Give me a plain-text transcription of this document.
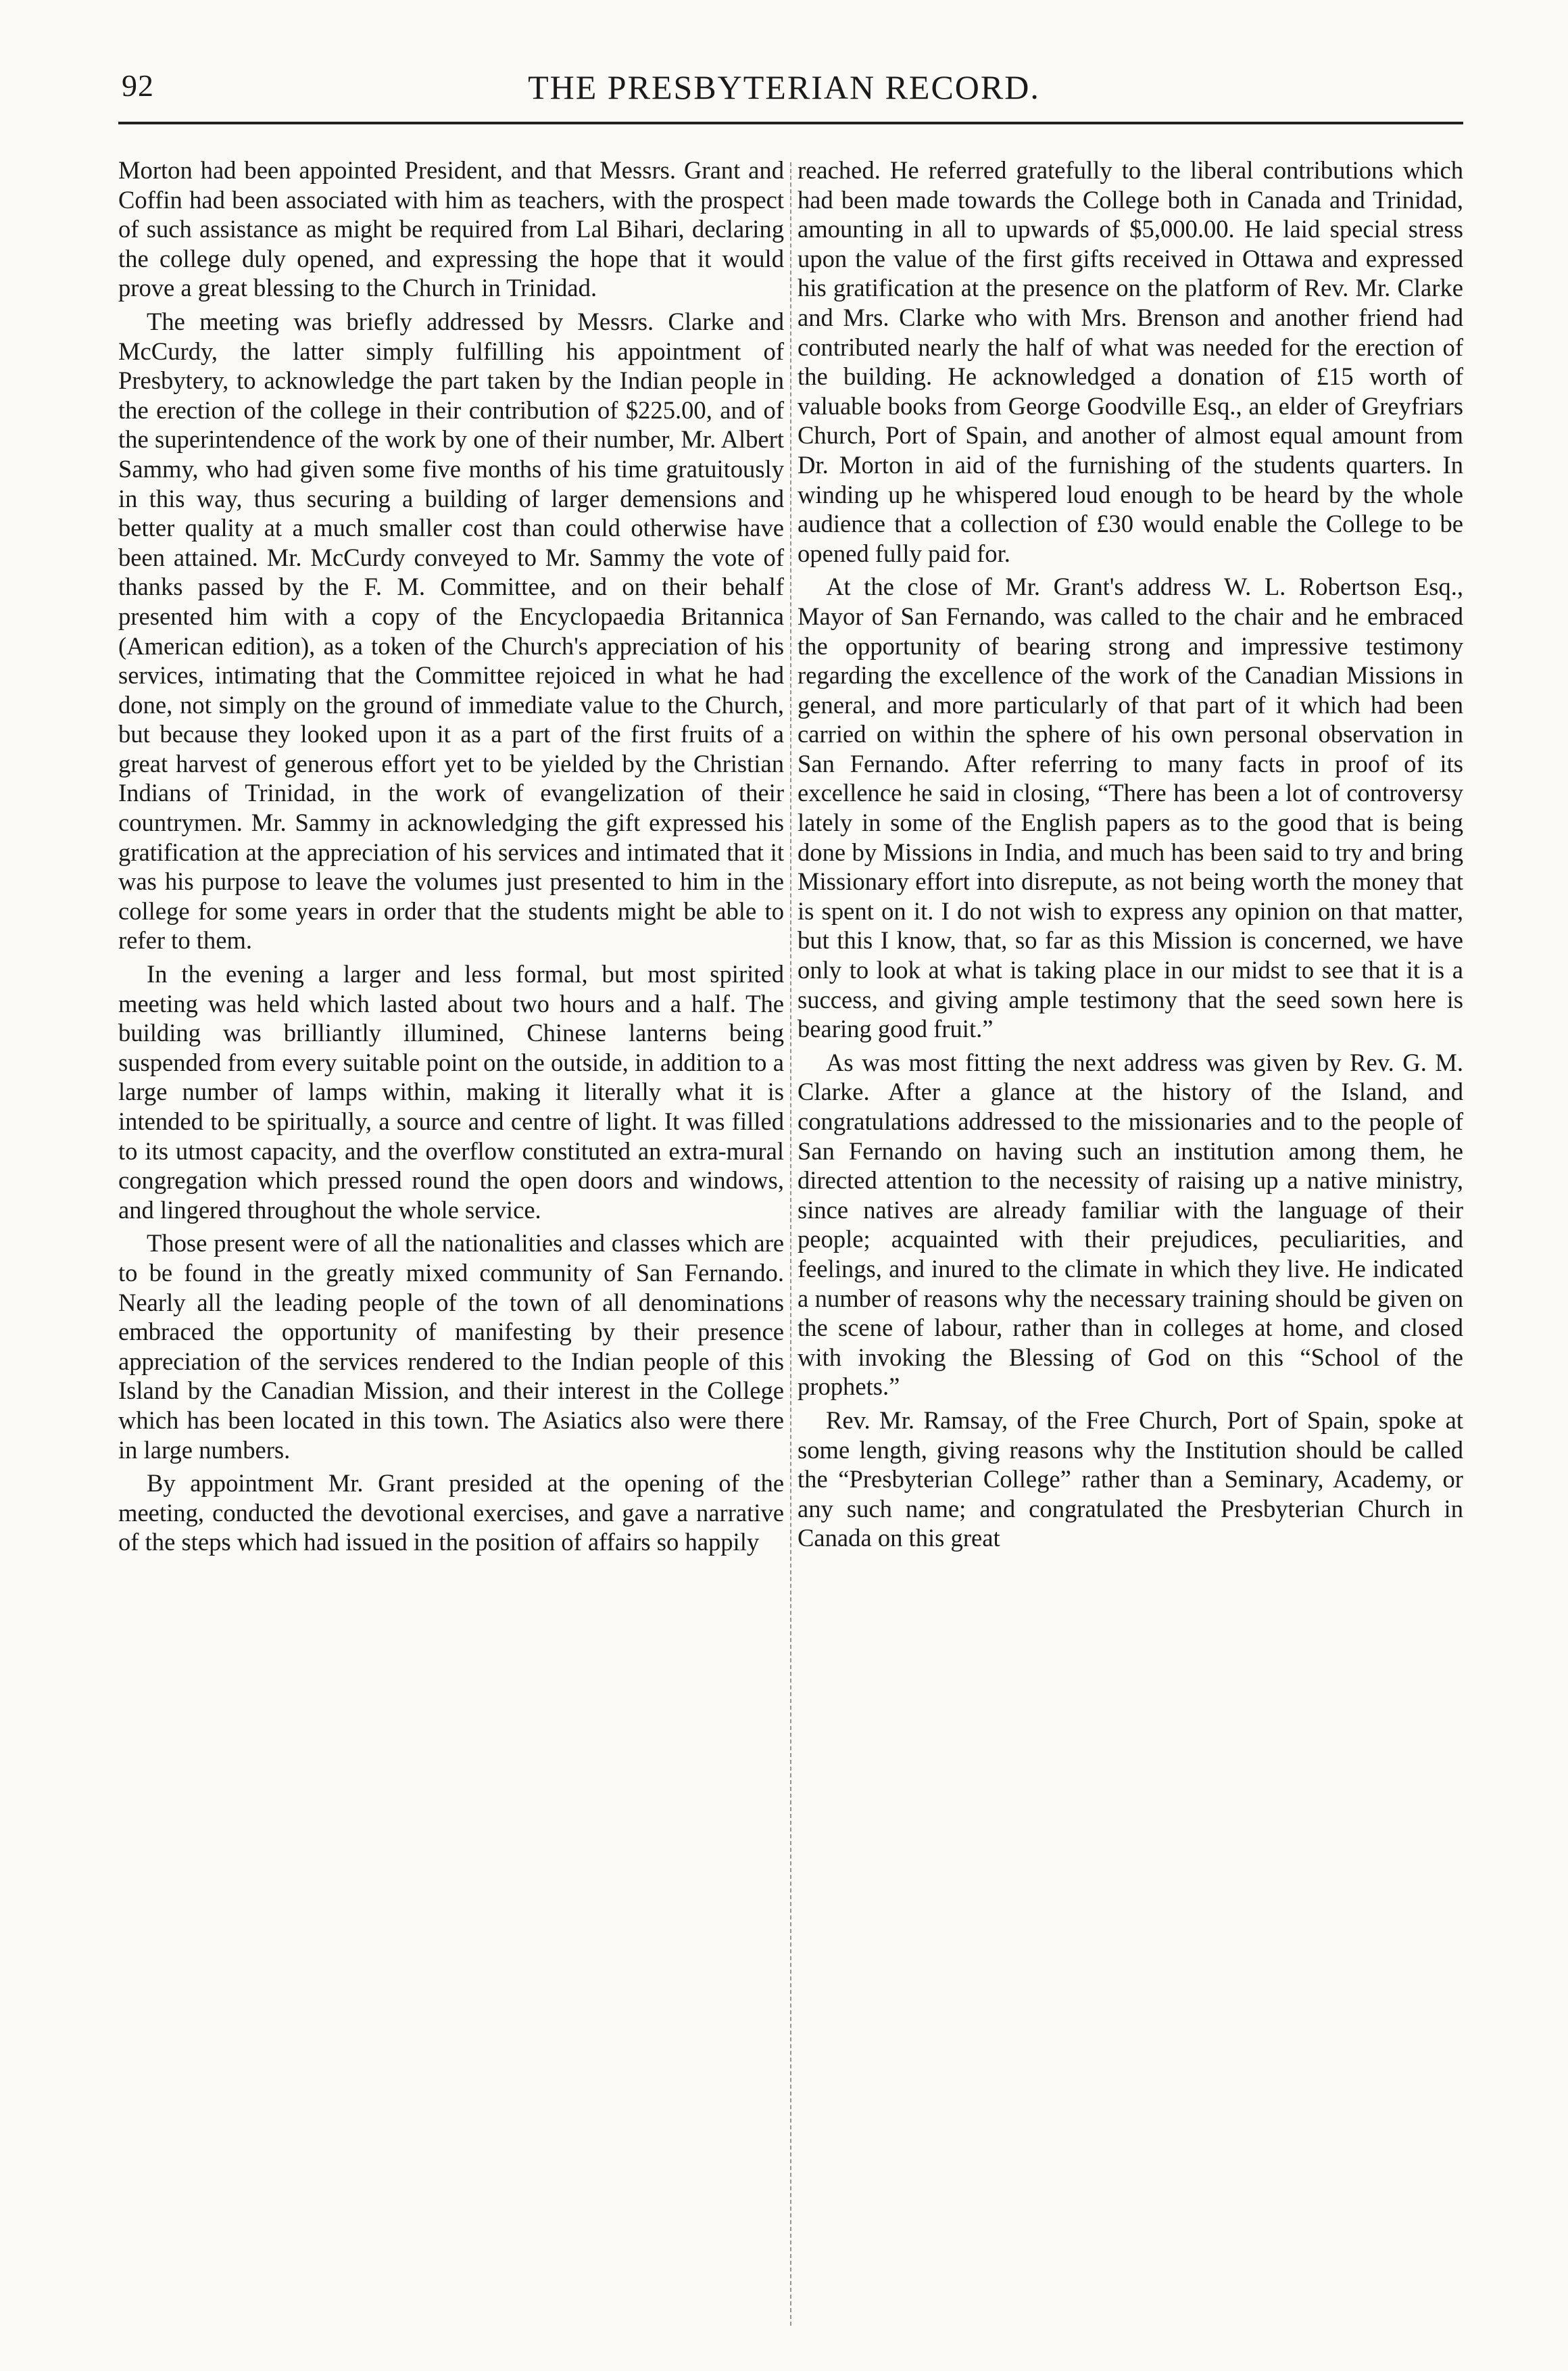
92	THE PRESBYTERIAN RECORD.

Morton had been appointed President, and that Messrs. Grant and Coffin had been associated with him as teachers, with the prospect of such assistance as might be required from Lal Bihari, declaring the college duly opened, and expressing the hope that it would prove a great blessing to the Church in Trinidad.

The meeting was briefly addressed by Messrs. Clarke and McCurdy, the latter simply fulfilling his appointment of Presbytery, to acknowledge the part taken by the Indian people in the erection of the college in their contribution of $225.00, and of the superintendence of the work by one of their number, Mr. Albert Sammy, who had given some five months of his time gratuitously in this way, thus securing a building of larger demensions and better quality at a much smaller cost than could otherwise have been attained. Mr. McCurdy conveyed to Mr. Sammy the vote of thanks passed by the F. M. Committee, and on their behalf presented him with a copy of the Encyclopaedia Britannica (American edition), as a token of the Church's appreciation of his services, intimating that the Committee rejoiced in what he had done, not simply on the ground of immediate value to the Church, but because they looked upon it as a part of the first fruits of a great harvest of generous effort yet to be yielded by the Christian Indians of Trinidad, in the work of evangelization of their countrymen. Mr. Sammy in acknowledging the gift expressed his gratification at the appreciation of his services and intimated that it was his purpose to leave the volumes just presented to him in the college for some years in order that the students might be able to refer to them.

In the evening a larger and less formal, but most spirited meeting was held which lasted about two hours and a half. The building was brilliantly illumined, Chinese lanterns being suspended from every suitable point on the outside, in addition to a large number of lamps within, making it literally what it is intended to be spiritually, a source and centre of light. It was filled to its utmost capacity, and the overflow constituted an extra-mural congregation which pressed round the open doors and windows, and lingered throughout the whole service.

Those present were of all the nationalities and classes which are to be found in the greatly mixed community of San Fernando. Nearly all the leading people of the town of all denominations embraced the opportunity of manifesting by their presence appreciation of the services rendered to the Indian people of this Island by the Canadian Mission, and their interest in the College which has been located in this town. The Asiatics also were there in large numbers.

By appointment Mr. Grant presided at the opening of the meeting, conducted the devotional exercises, and gave a narrative of the steps which had issued in the position of affairs so happily

reached. He referred gratefully to the liberal contributions which had been made towards the College both in Canada and Trinidad, amounting in all to upwards of $5,000.00. He laid special stress upon the value of the first gifts received in Ottawa and expressed his gratification at the presence on the platform of Rev. Mr. Clarke and Mrs. Clarke who with Mrs. Brenson and another friend had contributed nearly the half of what was needed for the erection of the building. He acknowledged a donation of £15 worth of valuable books from George Goodville Esq., an elder of Greyfriars Church, Port of Spain, and another of almost equal amount from Dr. Morton in aid of the furnishing of the students quarters. In winding up he whispered loud enough to be heard by the whole audience that a collection of £30 would enable the College to be opened fully paid for.

At the close of Mr. Grant's address W. L. Robertson Esq., Mayor of San Fernando, was called to the chair and he embraced the opportunity of bearing strong and impressive testimony regarding the excellence of the work of the Canadian Missions in general, and more particularly of that part of it which had been carried on within the sphere of his own personal observation in San Fernando. After referring to many facts in proof of its excellence he said in closing, “There has been a lot of controversy lately in some of the English papers as to the good that is being done by Missions in India, and much has been said to try and bring Missionary effort into disrepute, as not being worth the money that is spent on it. I do not wish to express any opinion on that matter, but this I know, that, so far as this Mission is concerned, we have only to look at what is taking place in our midst to see that it is a success, and giving ample testimony that the seed sown here is bearing good fruit.”

As was most fitting the next address was given by Rev. G. M. Clarke. After a glance at the history of the Island, and congratulations addressed to the missionaries and to the people of San Fernando on having such an institution among them, he directed attention to the necessity of raising up a native ministry, since natives are already familiar with the language of their people; acquainted with their prejudices, peculiarities, and feelings, and inured to the climate in which they live. He indicated a number of reasons why the necessary training should be given on the scene of labour, rather than in colleges at home, and closed with invoking the Blessing of God on this “School of the prophets.”

Rev. Mr. Ramsay, of the Free Church, Port of Spain, spoke at some length, giving reasons why the Institution should be called the “Presbyterian College” rather than a Seminary, Academy, or any such name; and congratulated the Presbyterian Church in Canada on this great
